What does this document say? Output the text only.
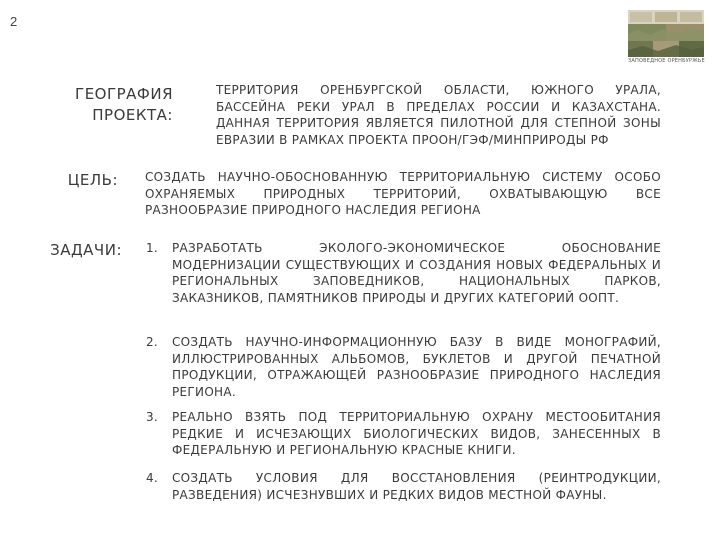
2
ЗАПОВЕДНОЕ ОРЕНБУРЖЬЕ
ГЕОГРАФИЯ
ПРОЕКТА:
ТЕРРИТОРИЯ ОРЕНБУРГСКОЙ ОБЛАСТИ, ЮЖНОГО УРАЛА, БАССЕЙНА РЕКИ УРАЛ В ПРЕДЕЛАХ РОССИИ И КАЗАХСТАНА. ДАННАЯ ТЕРРИТОРИЯ ЯВЛЯЕТСЯ ПИЛОТНОЙ ДЛЯ СТЕПНОЙ ЗОНЫ ЕВРАЗИИ В РАМКАХ ПРОЕКТА ПРООН/ГЭФ/МИНПРИРОДЫ РФ
ЦЕЛЬ: СОЗДАТЬ НАУЧНО-ОБОСНОВАННУЮ ТЕРРИТОРИАЛЬНУЮ СИСТЕМУ ОСОБО ОХРАНЯЕМЫХ ПРИРОДНЫХ ТЕРРИТОРИЙ, ОХВАТЫВАЮЩУЮ ВСЕ РАЗНООБРАЗИЕ ПРИРОДНОГО НАСЛЕДИЯ РЕГИОНА
ЗАДАЧИ: 1. РАЗРАБОТАТЬ ЭКОЛОГО-ЭКОНОМИЧЕСКОЕ ОБОСНОВАНИЕ МОДЕРНИЗАЦИИ СУЩЕСТВУЮЩИХ И СОЗДАНИЯ НОВЫХ ФЕДЕРАЛЬНЫХ И РЕГИОНАЛЬНЫХ ЗАПОВЕДНИКОВ, НАЦИОНАЛЬНЫХ ПАРКОВ, ЗАКАЗНИКОВ, ПАМЯТНИКОВ ПРИРОДЫ И ДРУГИХ КАТЕГОРИЙ ООПТ.
2. СОЗДАТЬ НАУЧНО-ИНФОРМАЦИОННУЮ БАЗУ В ВИДЕ МОНОГРАФИЙ, ИЛЛЮСТРИРОВАННЫХ АЛЬБОМОВ, БУКЛЕТОВ И ДРУГОЙ ПЕЧАТНОЙ ПРОДУКЦИИ, ОТРАЖАЮЩЕЙ РАЗНООБРАЗИЕ ПРИРОДНОГО НАСЛЕДИЯ РЕГИОНА.
3. РЕАЛЬНО ВЗЯТЬ ПОД ТЕРРИТОРИАЛЬНУЮ ОХРАНУ МЕСТООБИТАНИЯ РЕДКИЕ И ИСЧЕЗАЮЩИХ БИОЛОГИЧЕСКИХ ВИДОВ, ЗАНЕСЕННЫХ В ФЕДЕРАЛЬНУЮ И РЕГИОНАЛЬНУЮ КРАСНЫЕ КНИГИ.
4. СОЗДАТЬ УСЛОВИЯ ДЛЯ ВОССТАНОВЛЕНИЯ (РЕИНТРОДУКЦИИ, РАЗВЕДЕНИЯ) ИСЧЕЗНУВШИХ И РЕДКИХ ВИДОВ МЕСТНОЙ ФАУНЫ.
